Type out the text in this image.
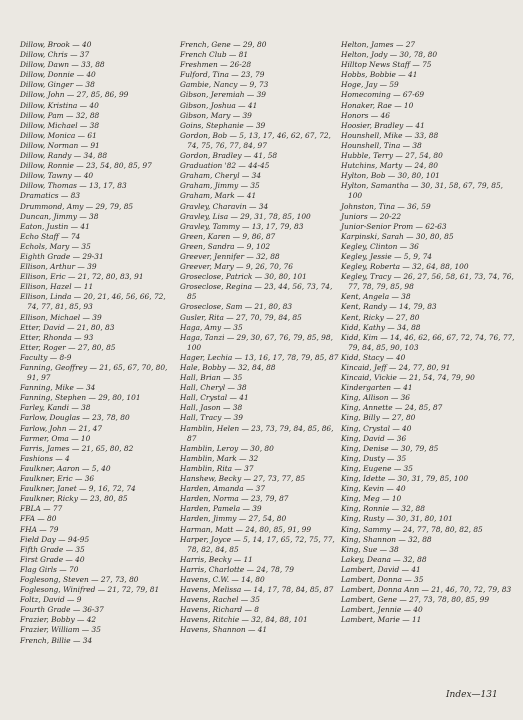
Dillow, Brook — 40
Dillow, Chris — 37
Dillow, Dawn — 33, 88
Dillow, Donnie — 40
Dillow, Ginger — 38
Dillow, John — 27, 85, 86, 99
Dillow, Kristina — 40
Dillow, Pam — 32, 88
Dillow, Michael — 38
Dillow, Monica — 61
Dillow, Norman — 91
Dillow, Randy — 34, 88
Dillow, Ronnie — 23, 54, 80, 85, 97
Dillow, Tawny — 40
Dillow, Thomas — 13, 17, 83
Dramatics — 83
Drummond, Amy — 29, 79, 85
Duncan, Jimmy — 38
Eaton, Justin — 41
Echo Staff — 74
Echols, Mary — 35
Eighth Grade — 29-31
Ellison, Arthur — 39
Ellison, Eric — 21, 72, 80, 83, 91
Ellison, Hazel — 11
Ellison, Linda — 20, 21, 46, 56, 66, 72, 74, 77, 81, 85, 93
Ellison, Michael — 39
Etter, David — 21, 80, 83
Etter, Rhonda — 93
Etter, Roger — 27, 80, 85
Faculty — 8-9
Fanning, Geoffrey — 21, 65, 67, 70, 80, 91, 97
Fanning, Mike — 34
Fanning, Stephen — 29, 80, 101
Farley, Kandi — 38
Farlow, Douglas — 23, 78, 80
Farlow, John — 21, 47
Farmer, Oma — 10
Farris, James — 21, 65, 80, 82
Fashions — 4
Faulkner, Aaron — 5, 40
Faulkner, Eric — 36
Faulkner, Janet — 9, 16, 72, 74
Faulkner, Ricky — 23, 80, 85
FBLA — 77
FFA — 80
FHA — 79
Field Day — 94-95
Fifth Grade — 35
First Grade — 40
Flag Girls — 70
Foglesong, Steven — 27, 73, 80
Foglesong, Winifred — 21, 72, 79, 81
Foltz, David — 9
Fourth Grade — 36-37
Frazier, Bobby — 42
Frazier, William — 35
French, Billie — 34
French, Gene — 29, 80
French Club — 81
Freshmen — 26-28
Fulford, Tina — 23, 79
Gambie, Nancy — 9, 73
Gibson, Jeremiah — 39
Gibson, Joshua — 41
Gibson, Mary — 39
Goins, Stephanie — 39
Gordon, Bob — 5, 13, 17, 46, 62, 67, 72, 74, 75, 76, 77, 84, 97
Gordon, Bradley — 41, 58
Graduation '82 — 44-45
Graham, Cheryl — 34
Graham, Jimmy — 35
Graham, Mark — 41
Gravley, Charavin — 34
Gravley, Lisa — 29, 31, 78, 85, 100
Gravley, Tammy — 13, 17, 79, 83
Green, Karen — 9, 86, 87
Green, Sandra — 9, 102
Greever, Jennifer — 32, 88
Greever, Mary — 9, 26, 70, 76
Groseclose, Patrick — 30, 80, 101
Groseclose, Regina — 23, 44, 56, 73, 74, 85
Groseclose, Sam — 21, 80, 83
Gusler, Rita — 27, 70, 79, 84, 85
Haga, Amy — 35
Haga, Tanzi — 29, 30, 67, 76, 79, 85, 98, 100
Hager, Lechia — 13, 16, 17, 78, 79, 85, 87
Hale, Bobby — 32, 84, 88
Hall, Brian — 35
Hall, Cheryl — 38
Hall, Crystal — 41
Hall, Jason — 38
Hall, Tracy — 39
Hamblin, Helen — 23, 73, 79, 84, 85, 86, 87
Hamblin, Leroy — 30, 80
Hamblin, Mark — 32
Hamblin, Rita — 37
Hanshew, Becky — 27, 73, 77, 85
Harden, Amanda — 37
Harden, Norma — 23, 79, 87
Harden, Pamela — 39
Harden, Jimmy — 27, 54, 80
Harman, Matt — 24, 80, 85, 91, 99
Harper, Joyce — 5, 14, 17, 65, 72, 75, 77, 78, 82, 84, 85
Harris, Becky — 11
Harris, Charlotte — 24, 78, 79
Havens, C.W. — 14, 80
Havens, Melissa — 14, 17, 78, 84, 85, 87
Havens, Rachel — 35
Havens, Richard — 8
Havens, Ritchie — 32, 84, 88, 101
Havens, Shannon — 41
Helton, James — 27
Helton, Jody — 30, 78, 80
Hilltop News Staff — 75
Hobbs, Bobbie — 41
Hoge, Jay — 59
Homecoming — 67-69
Honaker, Rae — 10
Honors — 46
Hoosier, Bradley — 41
Hounshell, Mike — 33, 88
Hounshell, Tina — 38
Hubble, Terry — 27, 54, 80
Hutchins, Marty — 24, 80
Hylton, Bob — 30, 80, 101
Hylton, Samantha — 30, 31, 58, 67, 79, 85, 100
Johnston, Tina — 36, 59
Juniors — 20-22
Junior-Senior Prom — 62-63
Karpinski, Sarah — 30, 80, 85
Kegley, Clinton — 36
Kegley, Jessie — 5, 9, 74
Kegley, Roberta — 32, 64, 88, 100
Kegley, Tracy — 26, 27, 56, 58, 61, 73, 74, 76, 77, 78, 79, 85, 98
Kent, Angela — 38
Kent, Randy — 14, 79, 83
Kent, Ricky — 27, 80
Kidd, Kathy — 34, 88
Kidd, Kim — 14, 46, 62, 66, 67, 72, 74, 76, 77, 79, 84, 85, 90, 103
Kidd, Stacy — 40
Kincaid, Jeff — 24, 77, 80, 91
Kincaid, Vickie — 21, 54, 74, 79, 90
Kindergarten — 41
King, Allison — 36
King, Annette — 24, 85, 87
King, Billy — 27, 80
King, Crystal — 40
King, David — 36
King, Denise — 30, 79, 85
King, Dusty — 35
King, Eugene — 35
King, Idette — 30, 31, 79, 85, 100
King, Kevin — 40
King, Meg — 10
King, Ronnie — 32, 88
King, Rusty — 30, 31, 80, 101
King, Sammy — 24, 77, 78, 80, 82, 85
King, Shannon — 32, 88
King, Sue — 38
Lakey, Deana — 32, 88
Lambert, David — 41
Lambert, Donna — 35
Lambert, Donna Ann — 21, 46, 70, 72, 79, 83
Lambert, Gene — 27, 73, 78, 80, 85, 99
Lambert, Jennie — 40
Lambert, Marie — 11
Index—131
